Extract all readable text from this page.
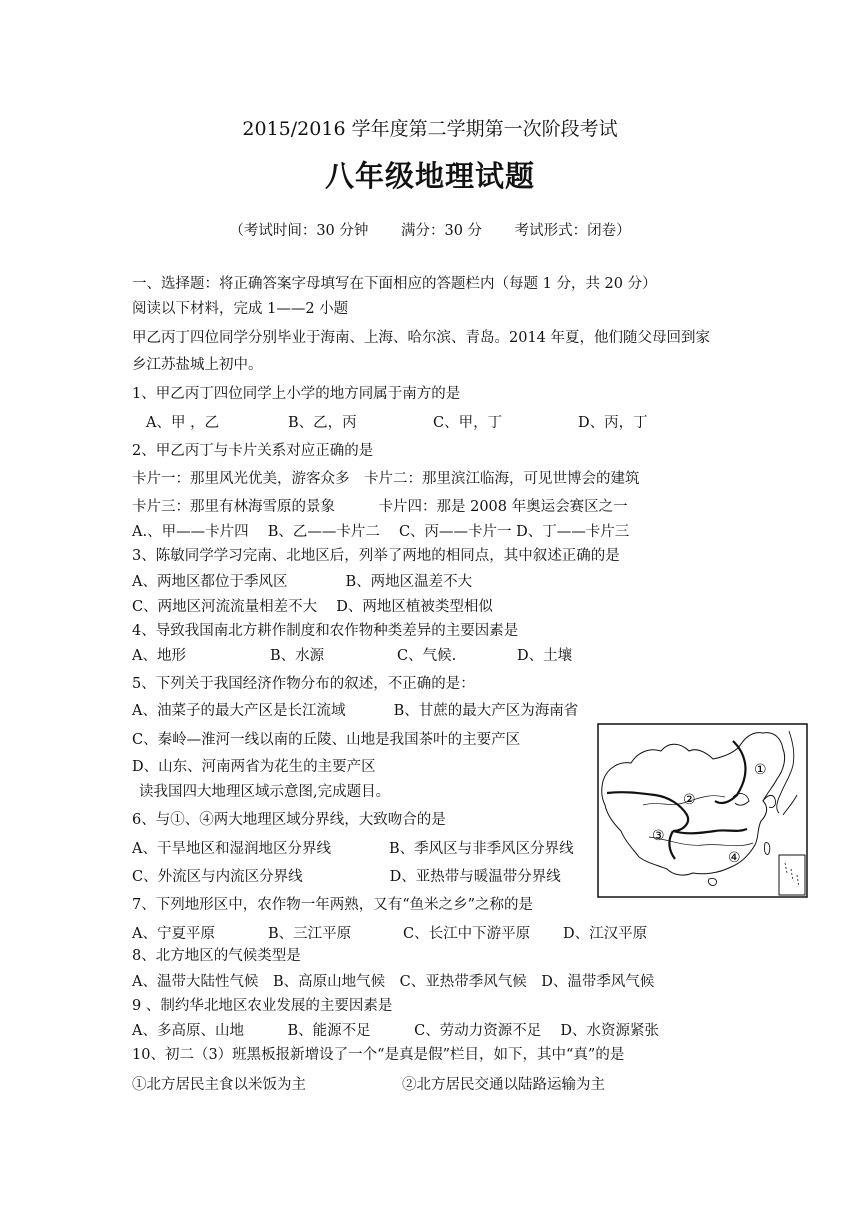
2015/2016 学年度第二学期第一次阶段考试
八年级地理试题
（考试时间：30 分钟 满分：30 分 考试形式：闭卷）
一、选择题：将正确答案字母填写在下面相应的答题栏内（每题 1 分，共 20 分）
阅读以下材料，完成 1——2 小题
甲乙丙丁四位同学分别毕业于海南、上海、哈尔滨、青岛。2014 年夏，他们随父母回到家
乡江苏盐城上初中。
1、甲乙丙丁四位同学上小学的地方同属于南方的是
A、甲 ，乙	B、乙，丙	C、甲，丁	D、丙，丁
2、甲乙丙丁与卡片关系对应正确的是
卡片一：那里风光优美，游客众多　卡片二：那里滨江临海，可见世博会的建筑
卡片三：那里有林海雪原的景象　　　卡片四：那是 2008 年奥运会赛区之一
A.、甲——卡片四　 B、乙——卡片二　 C、丙——卡片一 D、丁——卡片三
3、陈敏同学学习完南、北地区后，列举了两地的相同点，其中叙述正确的是
A、两地区都位于季风区　　　　B、两地区温差不大
C、两地区河流流量相差不大　 D、两地区植被类型相似
4、导致我国南北方耕作制度和农作物种类差异的主要因素是
A、地形	B、水源	C、气候.	D、土壤
5、下列关于我国经济作物分布的叙述，不正确的是：
A、油菜子的最大产区是长江流域　　　 B、甘蔗的最大产区为海南省
C、秦岭—淮河一线以南的丘陵、山地是我国茶叶的主要产区
D、山东、河南两省为花生的主要产区
读我国四大地理区域示意图,完成题目。
6、与①、④两大地理区域分界线，大致吻合的是
A、干旱地区和湿润地区分界线　　　　B、季风区与非季风区分界线
C、外流区与内流区分界线　　　　　　D、亚热带与暖温带分界线
7、下列地形区中，农作物一年两熟，又有“鱼米之乡”之称的是
A、宁夏平原	B、三江平原	C、长江中下游平原 D、江汉平原
8、北方地区的气候类型是
A、温带大陆性气候　B、高原山地气候　C、亚热带季风气候　D、温带季风气候
9 、制约华北地区农业发展的主要因素是
A、多高原、山地　　　B、能源不足　　　C、劳动力资源不足　 D、水资源紧张
10、初二（3）班黑板报新增设了一个“是真是假”栏目，如下，其中“真”的是
①北方居民主食以米饭为主	②北方居民交通以陆路运输为主
①
②
③
④
